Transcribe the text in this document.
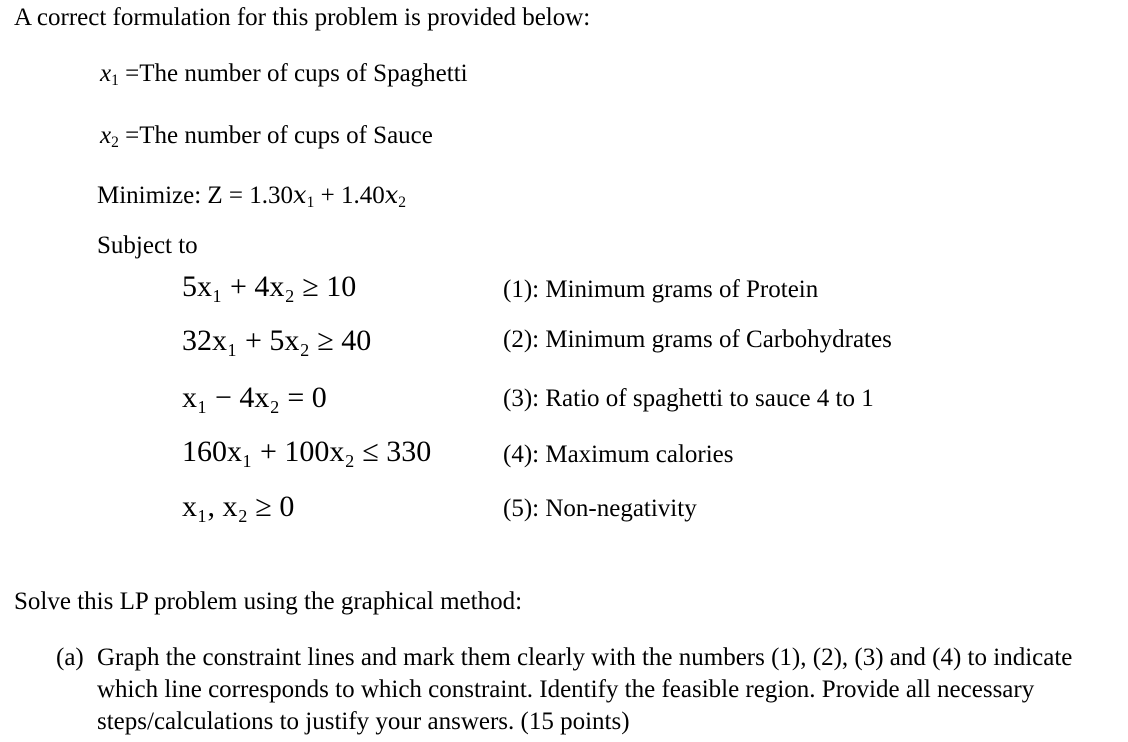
A correct formulation for this problem is provided below:
$x_1 =The$ number of cups of Spaghetti
$x_2 =The$ number of cups of Sauce
Minimize: $Z = 1.30x_1 + 1.40x_2$
Subject to
5x₁ + 4x₂ ≥ 10	(1): Minimum grams of Protein
32x₁ + 5x₂ ≥ 40	(2): Minimum grams of Carbohydrates
x₁ − 4x₂ = 0	(3): Ratio of spaghetti to sauce 4 to 1
160x₁ + 100x₂ ≤ 330	(4): Maximum calories
x₁, x₂ ≥ 0	(5): Non-negativity
Solve this LP problem using the graphical method:
(a) Graph the constraint lines and mark them clearly with the numbers (1), (2), (3) and (4) to indicate which line corresponds to which constraint. Identify the feasible region. Provide all necessary steps/calculations to justify your answers. (15 points)
